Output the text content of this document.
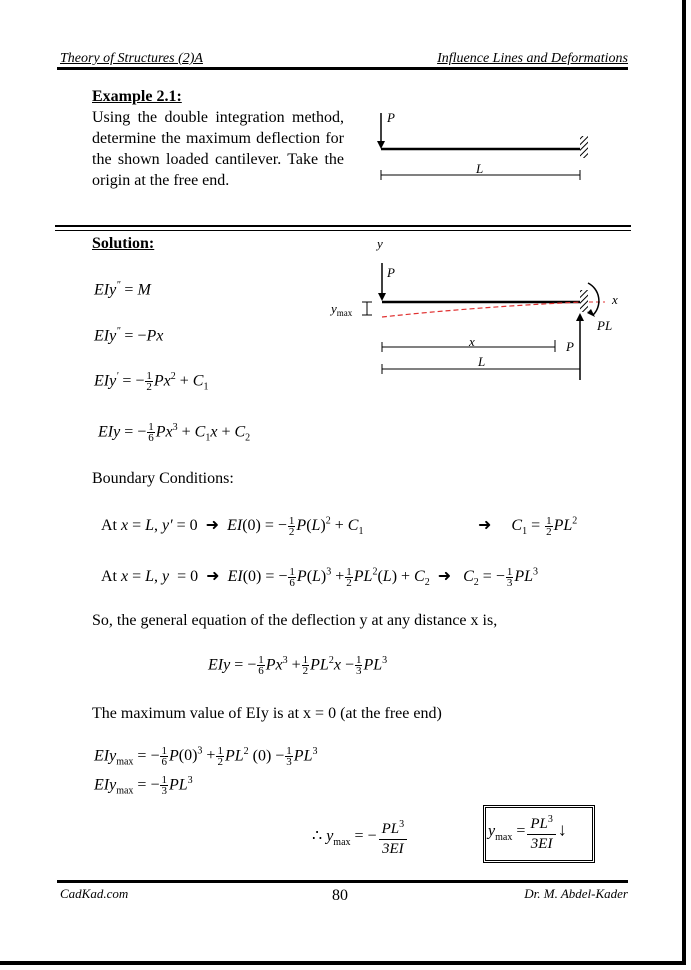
Theory of Structures (2)A	Influence Lines and Deformations
Example 2.1:
Using the double integration method, determine the maximum deflection for the shown loaded cantilever. Take the origin at the free end.
P
L
Solution:
EIy" = M
EIy" = −Px
EIy' = − $\frac{1}{2} Px^2 + C_1$
EIy = − $\frac{1}{6} Px^3 + C_1x + C_2$
y
P
$y_{max}$
x
PL
P
x
L
Boundary Conditions:
At x = L, y′ = 0  ➜  EI(0) = − $\frac{1}{2} P(L)^2 + C_1$	➜     $C_1 = \frac{1}{2} PL^2$
At x = L, y  = 0  ➜  EI(0) = − $\frac{1}{6} P(L)^3 + \frac{1}{2} PL^2(L) + C_2$  ➜   $C_2$ = − $\frac{1}{3} PL^3$
So, the general equation of the deflection y at any distance x is,
EIy = − $\frac{1}{6} Px^3 + \frac{1}{2} PL^2x - \frac{1}{3} PL^3$
The maximum value of EIy is at x = 0 (at the free end)
EIy$_{max}$ = − $\frac{1}{6} P(0)^3 + \frac{1}{2} PL^2$ $(0) - \frac{1}{3} PL^3$
EIy$_{max}$ = − $\frac{1}{3} PL^3$
∴ $y_{max}$ = − $\frac{PL^3}{3EI}$	$y_{max} = \frac{PL^3}{3EI}$ ↓
CadKad.com	80	Dr. M. Abdel-Kader
